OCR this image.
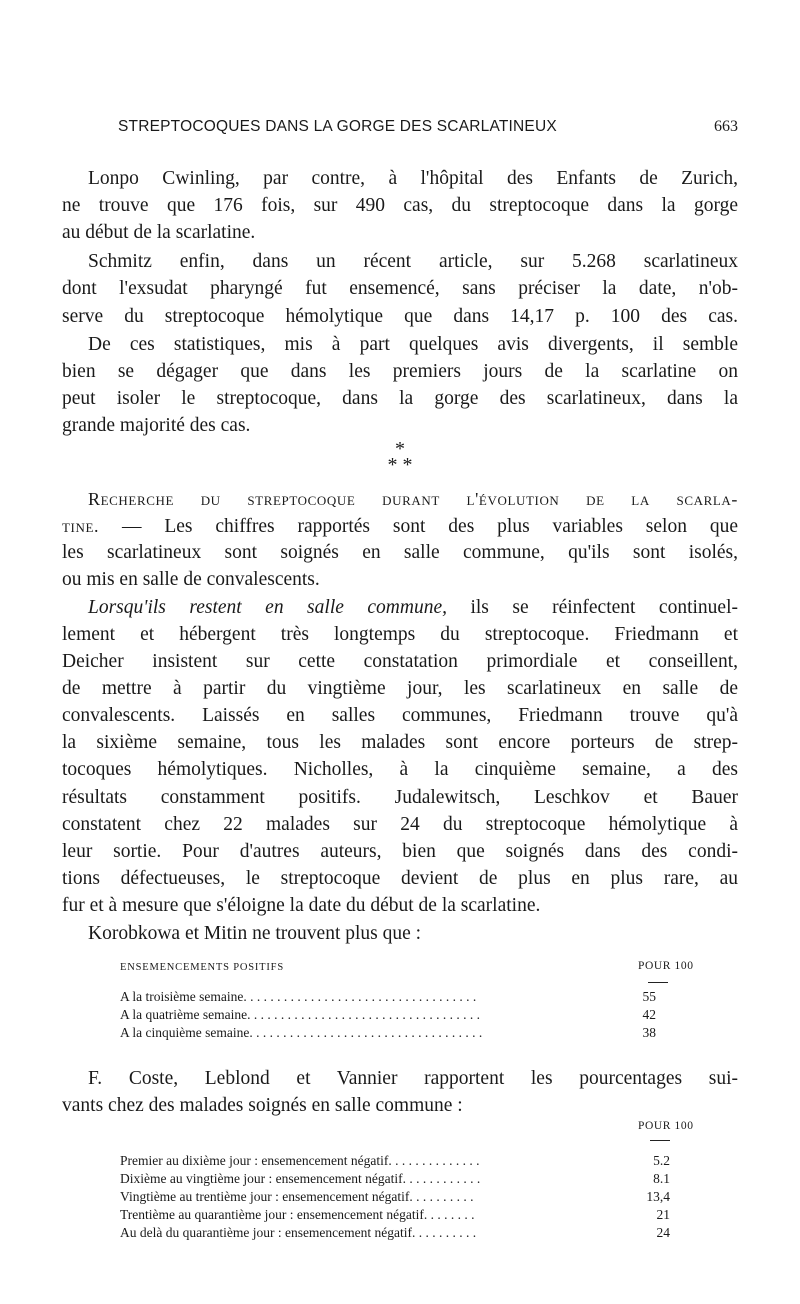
STREPTOCOQUES DANS LA GORGE DES SCARLATINEUX	663
Lonpo Cwinling, par contre, à l'hôpital des Enfants de Zurich,
ne trouve que 176 fois, sur 490 cas, du streptocoque dans la gorge
au début de la scarlatine.
Schmitz enfin, dans un récent article, sur 5.268 scarlatineux
dont l'exsudat pharyngé fut ensemencé, sans préciser la date, n'ob-
serve du streptocoque hémolytique que dans 14,17 p. 100 des cas.
De ces statistiques, mis à part quelques avis divergents, il semble
bien se dégager que dans les premiers jours de la scarlatine on
peut isoler le streptocoque, dans la gorge des scarlatineux, dans la
grande majorité des cas.
*
* *
Recherche du streptocoque durant l'évolution de la scarla-
tine. — Les chiffres rapportés sont des plus variables selon que
les scarlatineux sont soignés en salle commune, qu'ils sont isolés,
ou mis en salle de convalescents.
Lorsqu'ils restent en salle commune, ils se réinfectent continuel-
lement et hébergent très longtemps du streptocoque. Friedmann et
Deicher insistent sur cette constatation primordiale et conseillent,
de mettre à partir du vingtième jour, les scarlatineux en salle de
convalescents. Laissés en salles communes, Friedmann trouve qu'à
la sixième semaine, tous les malades sont encore porteurs de strep-
tocoques hémolytiques. Nicholles, à la cinquième semaine, a des
résultats constamment positifs. Judalewitsch, Leschkov et Bauer
constatent chez 22 malades sur 24 du streptocoque hémolytique à
leur sortie. Pour d'autres auteurs, bien que soignés dans des condi-
tions défectueuses, le streptocoque devient de plus en plus rare, au
fur et à mesure que s'éloigne la date du début de la scarlatine.
Korobkowa et Mitin ne trouvent plus que :
ENSEMENCEMENTS POSITIFS	POUR 100
A la troisième semaine. . . . . . . . . . . . . . . . . . . . . . . . . . . . . . . . . . .	55
A la quatrième semaine. . . . . . . . . . . . . . . . . . . . . . . . . . . . . . . . . . .	42
A la cinquième semaine. . . . . . . . . . . . . . . . . . . . . . . . . . . . . . . . . . .	38
F. Coste, Leblond et Vannier rapportent les pourcentages sui-
vants chez des malades soignés en salle commune :
POUR 100
Premier au dixième jour : ensemencement négatif. . . . . . . . . . . . . .	5.2
Dixième au vingtième jour : ensemencement négatif. . . . . . . . . . . .	8.1
Vingtième au trentième jour : ensemencement négatif. . . . . . . . . .	13,4
Trentième au quarantième jour : ensemencement négatif. . . . . . . .	21
Au delà du quarantième jour : ensemencement négatif. . . . . . . . . .	24
